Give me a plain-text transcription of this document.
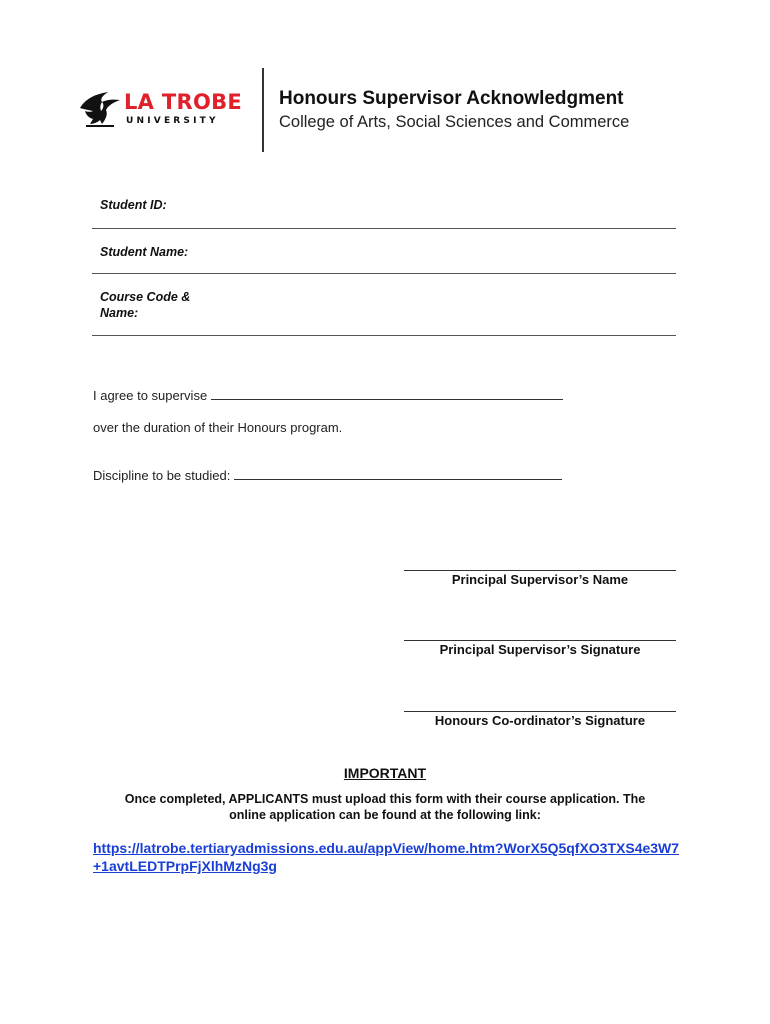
LA TROBE
UNIVERSITY
Honours Supervisor Acknowledgment
College of Arts, Social Sciences and Commerce
Student ID:
Student Name:
Course Code &
Name:
I agree to supervise
over the duration of their Honours program.
Discipline to be studied:
Principal Supervisor’s Name
Principal Supervisor’s Signature
Honours Co-ordinator’s Signature
IMPORTANT
Once completed, APPLICANTS must upload this form with their course application. The online application can be found at the following link:
https://latrobe.tertiaryadmissions.edu.au/appView/home.htm?WorX5Q5qfXO3TXS4e3W7+1avtLEDTPrpFjXlhMzNg3g
